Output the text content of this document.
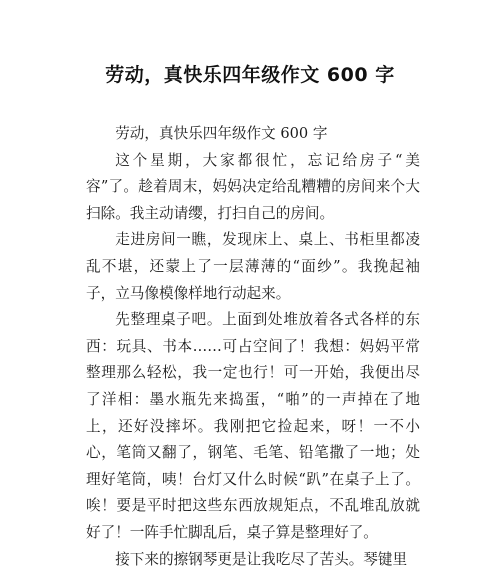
劳动，真快乐四年级作文 600 字

劳动，真快乐四年级作文 600 字

这个星期，大家都很忙，忘记给房子“美容”了。趁着周末，妈妈决定给乱糟糟的房间来个大扫除。我主动请缨，打扫自己的房间。

走进房间一瞧，发现床上、桌上、书柜里都凌乱不堪，还蒙上了一层薄薄的“面纱”。我挽起袖子，立马像模像样地行动起来。

先整理桌子吧。上面到处堆放着各式各样的东西：玩具、书本……可占空间了！我想：妈妈平常整理那么轻松，我一定也行！可一开始，我便出尽了洋相：墨水瓶先来捣蛋，“啪”的一声掉在了地上，还好没摔坏。我刚把它捡起来，呀！一不小心，笔筒又翻了，钢笔、毛笔、铅笔撒了一地；处理好笔筒，咦！台灯又什么时候“趴”在桌子上了。唉！要是平时把这些东西放规矩点，不乱堆乱放就好了！一阵手忙脚乱后，桌子算是整理好了。

接下来的擦钢琴更是让我吃尽了苦头。琴键里
